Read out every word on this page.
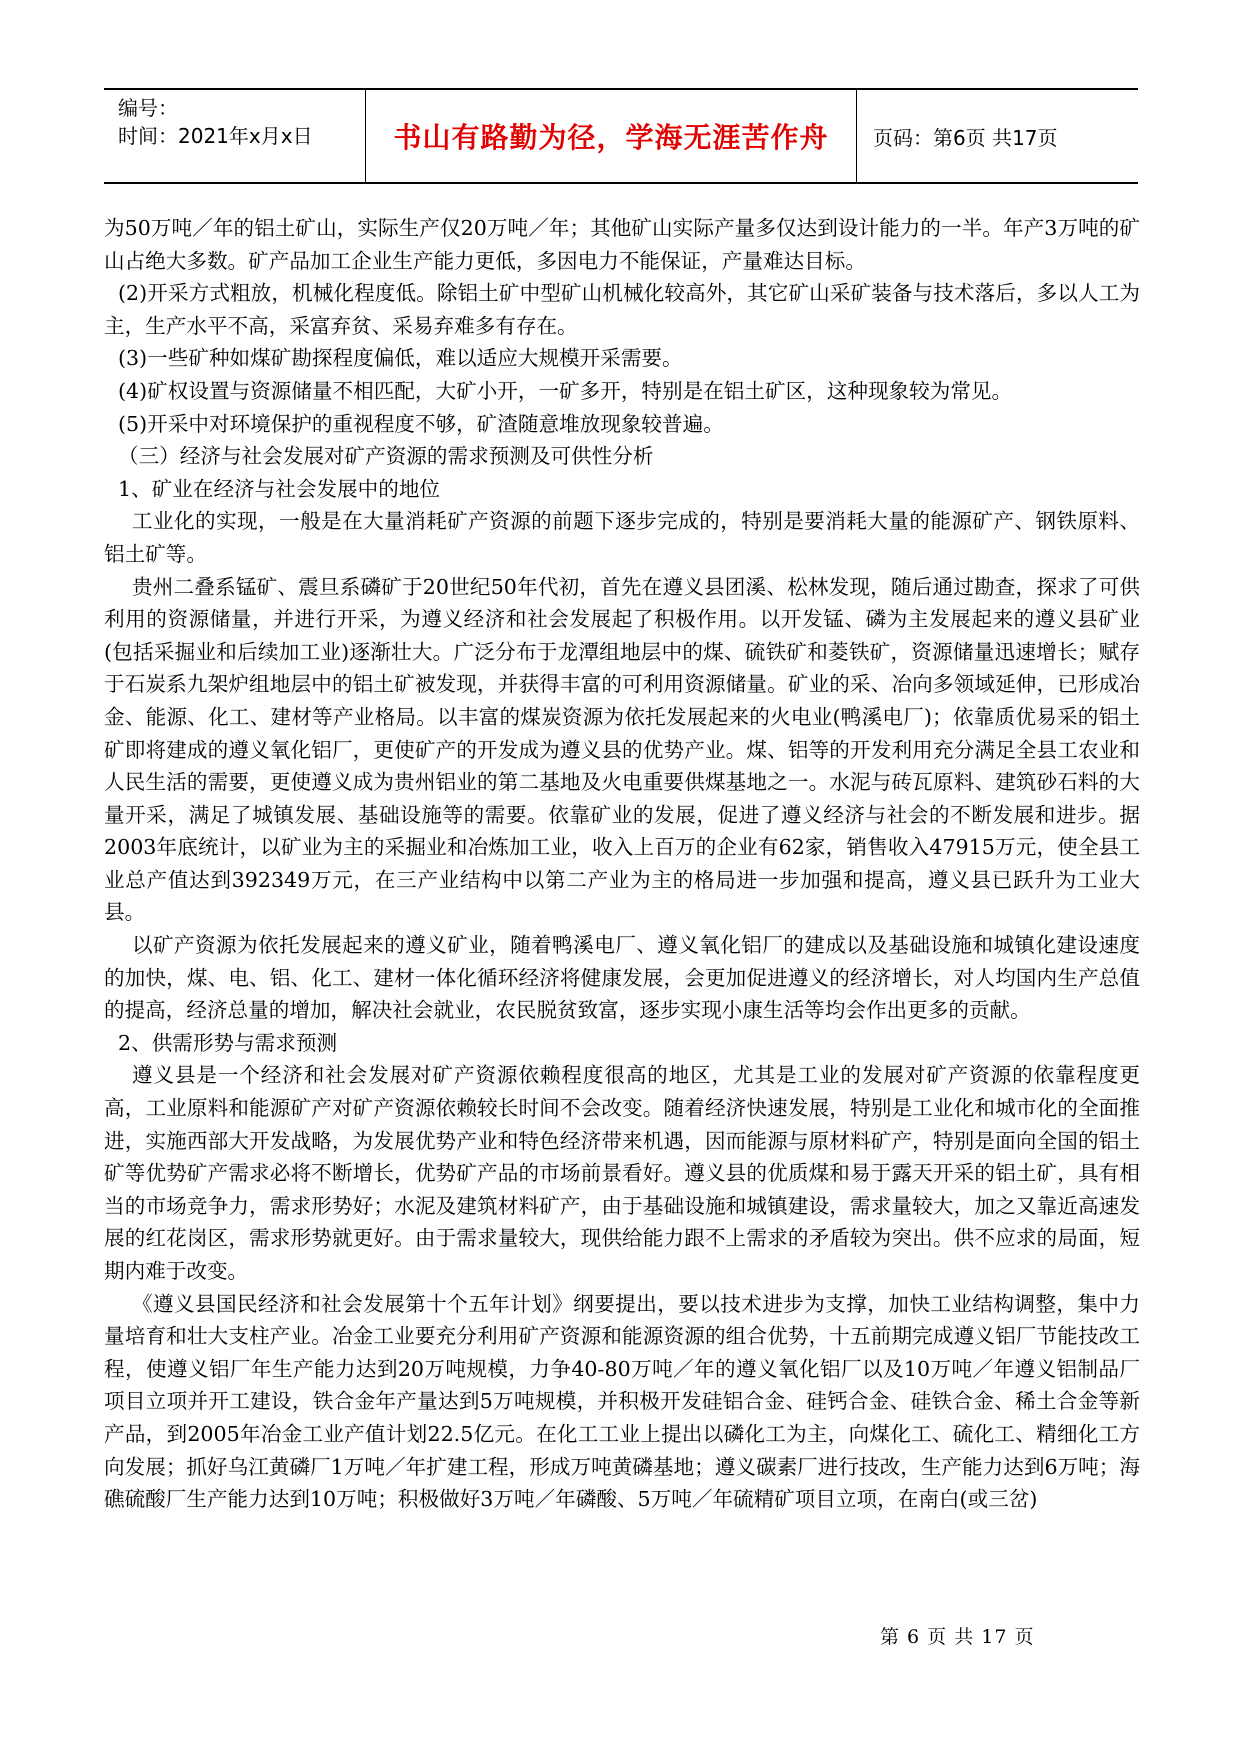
编号：
时间：2021年x月x日	书山有路勤为径，学海无涯苦作舟	页码：第6页 共17页

为50万吨／年的铝土矿山，实际生产仅20万吨／年；其他矿山实际产量多仅达到设计能力的一半。年产3万吨的矿山占绝大多数。矿产品加工企业生产能力更低，多因电力不能保证，产量难达目标。

(2)开采方式粗放，机械化程度低。除铝土矿中型矿山机械化较高外，其它矿山采矿装备与技术落后，多以人工为主，生产水平不高，采富弃贫、采易弃难多有存在。

(3)一些矿种如煤矿勘探程度偏低，难以适应大规模开采需要。

(4)矿权设置与资源储量不相匹配，大矿小开，一矿多开，特别是在铝土矿区，这种现象较为常见。

(5)开采中对环境保护的重视程度不够，矿渣随意堆放现象较普遍。

（三）经济与社会发展对矿产资源的需求预测及可供性分析

1、矿业在经济与社会发展中的地位

工业化的实现，一般是在大量消耗矿产资源的前题下逐步完成的，特别是要消耗大量的能源矿产、钢铁原料、铝土矿等。

贵州二叠系锰矿、震旦系磷矿于20世纪50年代初，首先在遵义县团溪、松林发现，随后通过勘查，探求了可供利用的资源储量，并进行开采，为遵义经济和社会发展起了积极作用。以开发锰、磷为主发展起来的遵义县矿业(包括采掘业和后续加工业)逐渐壮大。广泛分布于龙潭组地层中的煤、硫铁矿和菱铁矿，资源储量迅速增长；赋存于石炭系九架炉组地层中的铝土矿被发现，并获得丰富的可利用资源储量。矿业的采、冶向多领域延伸，已形成冶金、能源、化工、建材等产业格局。以丰富的煤炭资源为依托发展起来的火电业(鸭溪电厂)；依靠质优易采的铝土矿即将建成的遵义氧化铝厂，更使矿产的开发成为遵义县的优势产业。煤、铝等的开发利用充分满足全县工农业和人民生活的需要，更使遵义成为贵州铝业的第二基地及火电重要供煤基地之一。水泥与砖瓦原料、建筑砂石料的大量开采，满足了城镇发展、基础设施等的需要。依靠矿业的发展，促进了遵义经济与社会的不断发展和进步。据2003年底统计，以矿业为主的采掘业和冶炼加工业，收入上百万的企业有62家，销售收入47915万元，使全县工业总产值达到392349万元，在三产业结构中以第二产业为主的格局进一步加强和提高，遵义县已跃升为工业大县。

以矿产资源为依托发展起来的遵义矿业，随着鸭溪电厂、遵义氧化铝厂的建成以及基础设施和城镇化建设速度的加快，煤、电、铝、化工、建材一体化循环经济将健康发展，会更加促进遵义的经济增长，对人均国内生产总值的提高，经济总量的增加，解决社会就业，农民脱贫致富，逐步实现小康生活等均会作出更多的贡献。

2、供需形势与需求预测

遵义县是一个经济和社会发展对矿产资源依赖程度很高的地区，尤其是工业的发展对矿产资源的依靠程度更高，工业原料和能源矿产对矿产资源依赖较长时间不会改变。随着经济快速发展，特别是工业化和城市化的全面推进，实施西部大开发战略，为发展优势产业和特色经济带来机遇，因而能源与原材料矿产，特别是面向全国的铝土矿等优势矿产需求必将不断增长，优势矿产品的市场前景看好。遵义县的优质煤和易于露天开采的铝土矿，具有相当的市场竞争力，需求形势好；水泥及建筑材料矿产，由于基础设施和城镇建设，需求量较大，加之又靠近高速发展的红花岗区，需求形势就更好。由于需求量较大，现供给能力跟不上需求的矛盾较为突出。供不应求的局面，短期内难于改变。

《遵义县国民经济和社会发展第十个五年计划》纲要提出，要以技术进步为支撑，加快工业结构调整，集中力量培育和壮大支柱产业。冶金工业要充分利用矿产资源和能源资源的组合优势，十五前期完成遵义铝厂节能技改工程，使遵义铝厂年生产能力达到20万吨规模，力争40-80万吨／年的遵义氧化铝厂以及10万吨／年遵义铝制品厂项目立项并开工建设，铁合金年产量达到5万吨规模，并积极开发硅铝合金、硅钙合金、硅铁合金、稀土合金等新产品，到2005年冶金工业产值计划22.5亿元。在化工工业上提出以磷化工为主，向煤化工、硫化工、精细化工方向发展；抓好乌江黄磷厂1万吨／年扩建工程，形成万吨黄磷基地；遵义碳素厂进行技改，生产能力达到6万吨；海礁硫酸厂生产能力达到10万吨；积极做好3万吨／年磷酸、5万吨／年硫精矿项目立项，在南白(或三岔)

第 6 页 共 17 页
